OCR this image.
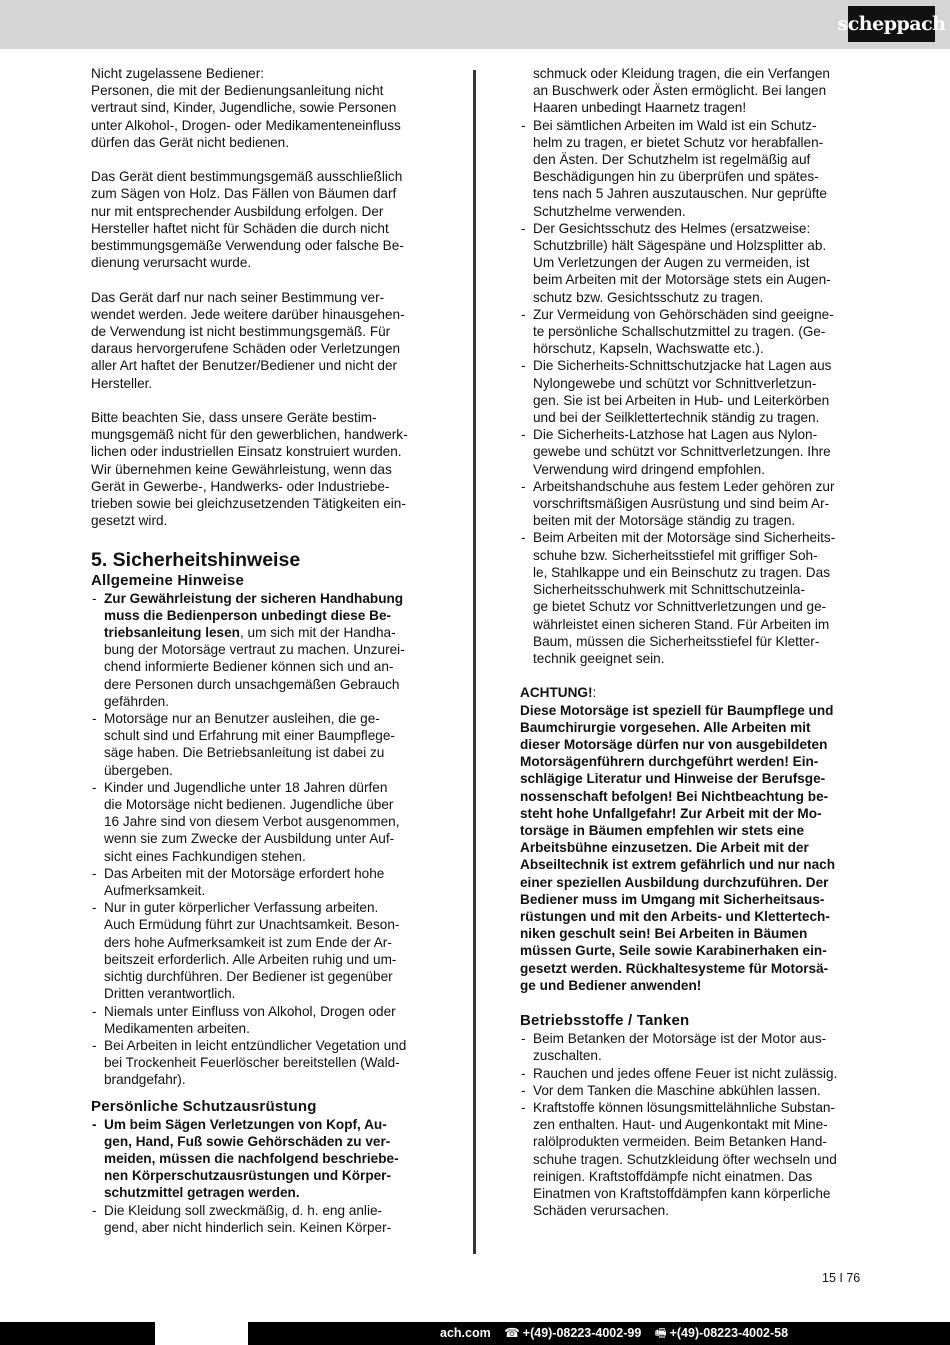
scheppach
Nicht zugelassene Bediener:
Personen, die mit der Bedienungsanleitung nicht
vertraut sind, Kinder, Jugendliche, sowie Personen
unter Alkohol-, Drogen- oder Medikamenteneinfluss
dürfen das Gerät nicht bedienen.
Das Gerät dient bestimmungsgemäß ausschließlich
zum Sägen von Holz. Das Fällen von Bäumen darf
nur mit entsprechender Ausbildung erfolgen. Der
Hersteller haftet nicht für Schäden die durch nicht
bestimmungsgemäße Verwendung oder falsche Be-
dienung verursacht wurde.
Das Gerät darf nur nach seiner Bestimmung ver-
wendet werden. Jede weitere darüber hinausgehen-
de Verwendung ist nicht bestimmungsgemäß. Für
daraus hervorgerufene Schäden oder Verletzungen
aller Art haftet der Benutzer/Bediener und nicht der
Hersteller.
Bitte beachten Sie, dass unsere Geräte bestim-
mungsgemäß nicht für den gewerblichen, handwerk-
lichen oder industriellen Einsatz konstruiert wurden.
Wir übernehmen keine Gewährleistung, wenn das
Gerät in Gewerbe-, Handwerks- oder Industriebe-
trieben sowie bei gleichzusetzenden Tätigkeiten ein-
gesetzt wird.
5. Sicherheitshinweise
Allgemeine Hinweise
- Zur Gewährleistung der sicheren Handhabung
muss die Bedienperson unbedingt diese Be-
triebsanleitung lesen, um sich mit der Handha-
bung der Motorsäge vertraut zu machen. Unzurei-
chend informierte Bediener können sich und an-
dere Personen durch unsachgemäßen Gebrauch
gefährden.
- Motorsäge nur an Benutzer ausleihen, die ge-
schult sind und Erfahrung mit einer Baumpflege-
säge haben. Die Betriebsanleitung ist dabei zu
übergeben.
- Kinder und Jugendliche unter 18 Jahren dürfen
die Motorsäge nicht bedienen. Jugendliche über
16 Jahre sind von diesem Verbot ausgenommen,
wenn sie zum Zwecke der Ausbildung unter Auf-
sicht eines Fachkundigen stehen.
- Das Arbeiten mit der Motorsäge erfordert hohe
Aufmerksamkeit.
- Nur in guter körperlicher Verfassung arbeiten.
Auch Ermüdung führt zur Unachtsamkeit. Beson-
ders hohe Aufmerksamkeit ist zum Ende der Ar-
beitszeit erforderlich. Alle Arbeiten ruhig und um-
sichtig durchführen. Der Bediener ist gegenüber
Dritten verantwortlich.
- Niemals unter Einfluss von Alkohol, Drogen oder
Medikamenten arbeiten.
- Bei Arbeiten in leicht entzündlicher Vegetation und
bei Trockenheit Feuerlöscher bereitstellen (Wald-
brandgefahr).
Persönliche Schutzausrüstung
- Um beim Sägen Verletzungen von Kopf, Au-
gen, Hand, Fuß sowie Gehörschäden zu ver-
meiden, müssen die nachfolgend beschriebe-
nen Körperschutzausrüstungen und Körper-
schutzmittel getragen werden.
- Die Kleidung soll zweckmäßig, d. h. eng anlie-
gend, aber nicht hinderlich sein. Keinen Körper-
schmuck oder Kleidung tragen, die ein Verfangen
an Buschwerk oder Ästen ermöglicht. Bei langen
Haaren unbedingt Haarnetz tragen!
- Bei sämtlichen Arbeiten im Wald ist ein Schutz-
helm zu tragen, er bietet Schutz vor herabfallen-
den Ästen. Der Schutzhelm ist regelmäßig auf
Beschädigungen hin zu überprüfen und spätes-
tens nach 5 Jahren auszutauschen. Nur geprüfte
Schutzhelme verwenden.
- Der Gesichtsschutz des Helmes (ersatzweise:
Schutzbrille) hält Sägespäne und Holzsplitter ab.
Um Verletzungen der Augen zu vermeiden, ist
beim Arbeiten mit der Motorsäge stets ein Augen-
schutz bzw. Gesichtsschutz zu tragen.
- Zur Vermeidung von Gehörschäden sind geeigne-
te persönliche Schallschutzmittel zu tragen. (Ge-
hörschutz, Kapseln, Wachswatte etc.).
- Die Sicherheits-Schnittschutzjacke hat Lagen aus
Nylongewebe und schützt vor Schnittverletzun-
gen. Sie ist bei Arbeiten in Hub- und Leiterkörben
und bei der Seilklettertechnik ständig zu tragen.
- Die Sicherheits-Latzhose hat Lagen aus Nylon-
gewebe und schützt vor Schnittverletzungen. Ihre
Verwendung wird dringend empfohlen.
- Arbeitshandschuhe aus festem Leder gehören zur
vorschriftsmäßigen Ausrüstung und sind beim Ar-
beiten mit der Motorsäge ständig zu tragen.
- Beim Arbeiten mit der Motorsäge sind Sicherheits-
schuhe bzw. Sicherheitsstiefel mit griffiger Soh-
le, Stahlkappe und ein Beinschutz zu tragen. Das
Sicherheitsschuhwerk mit Schnittschutzeinla-
ge bietet Schutz vor Schnittverletzungen und ge-
währleistet einen sicheren Stand. Für Arbeiten im
Baum, müssen die Sicherheitsstiefel für Kletter-
technik geeignet sein.
ACHTUNG!:
Diese Motorsäge ist speziell für Baumpflege und
Baumchirurgie vorgesehen. Alle Arbeiten mit
dieser Motorsäge dürfen nur von ausgebildeten
Motorsägenführern durchgeführt werden! Ein-
schlägige Literatur und Hinweise der Berufsge-
nossenschaft befolgen! Bei Nichtbeachtung be-
steht hohe Unfallgefahr! Zur Arbeit mit der Mo-
torsäge in Bäumen empfehlen wir stets eine
Arbeitsbühne einzusetzen. Die Arbeit mit der
Abseiltechnik ist extrem gefährlich und nur nach
einer speziellen Ausbildung durchzuführen. Der
Bediener muss im Umgang mit Sicherheitsaus-
rüstungen und mit den Arbeits- und Klettertech-
niken geschult sein! Bei Arbeiten in Bäumen
müssen Gurte, Seile sowie Karabinerhaken ein-
gesetzt werden. Rückhaltesysteme für Motorsä-
ge und Bediener anwenden!
Betriebsstoffe / Tanken
- Beim Betanken der Motorsäge ist der Motor aus-
zuschalten.
- Rauchen und jedes offene Feuer ist nicht zulässig.
- Vor dem Tanken die Maschine abkühlen lassen.
- Kraftstoffe können lösungsmittelähnliche Substan-
zen enthalten. Haut- und Augenkontakt mit Mine-
ralölprodukten vermeiden. Beim Betanken Hand-
schuhe tragen. Schutzkleidung öfter wechseln und
reinigen. Kraftstoffdämpfe nicht einatmen. Das
Einatmen von Kraftstoffdämpfen kann körperliche
Schäden verursachen.
15 I 76
ach.com ☎ +(49)-08223-4002-99 🖷 +(49)-08223-4002-58
